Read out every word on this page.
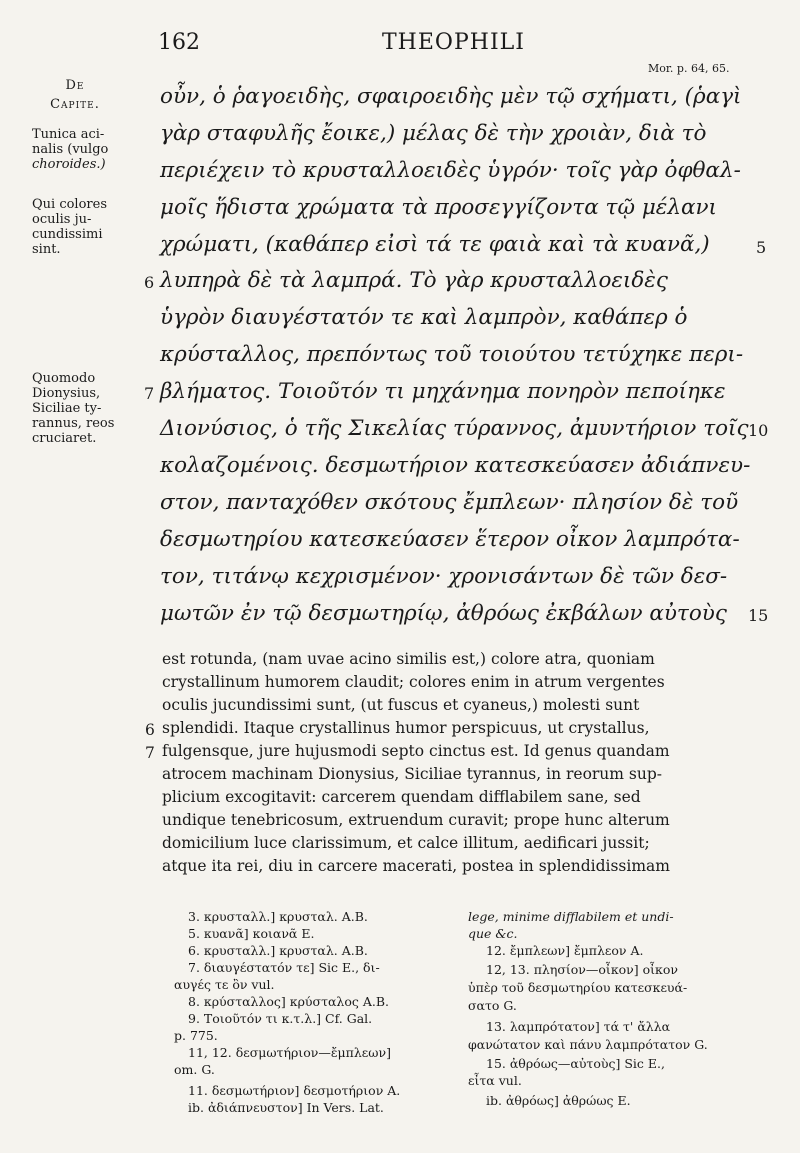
162	THEOPHILI
Mor. p. 64, 65.
De
Capite.
Tunica aci-
nalis (vulgo
choroides.)
Qui colores
oculis ju-
cundissimi
sint.
Quomodo
Dionysius,
Siciliae ty-
rannus, reos
cruciaret.
οὖν, ὁ ῥαγοειδὴς, σφαιροειδὴς μὲν τῷ σχήματι, (ῥαγὶ
γὰρ σταφυλῆς ἔοικε,) μέλας δὲ τὴν χροιὰν, διὰ τὸ
περιέχειν τὸ κρυσταλλοειδὲς ὑγρόν· τοῖς γὰρ ὀφθαλ-
μοῖς ἥδιστα χρώματα τὰ προσεγγίζοντα τῷ μέλανι
χρώματι, (καθάπερ εἰσὶ τά τε φαιὰ καὶ τὰ κυανᾶ,)
λυπηρὰ δὲ τὰ λαμπρά. Τὸ γὰρ κρυσταλλοειδὲς
ὑγρὸν διαυγέστατόν τε καὶ λαμπρὸν, καθάπερ ὁ
κρύσταλλος, πρεπόντως τοῦ τοιούτου τετύχηκε περι-
βλήματος. Τοιοῦτόν τι μηχάνημα πονηρὸν πεποίηκε
Διονύσιος, ὁ τῆς Σικελίας τύραννος, ἀμυντήριον τοῖς
κολαζομένοις. δεσμωτήριον κατεσκεύασεν ἀδιάπνευ-
στον, πανταχόθεν σκότους ἔμπλεων· πλησίον δὲ τοῦ
δεσμωτηρίου κατεσκεύασεν ἕτερον οἶκον λαμπρότα-
τον, τιτάνῳ κεχρισμένον· χρονισάντων δὲ τῶν δεσ-
μωτῶν ἐν τῷ δεσμωτηρίῳ, ἀθρόως ἐκβάλων αὐτοὺς
5
6
7
10
15
est rotunda, (nam uvae acino similis est,) colore atra, quoniam
crystallinum humorem claudit; colores enim in atrum vergentes
oculis jucundissimi sunt, (ut fuscus et cyaneus,) molesti sunt
splendidi. Itaque crystallinus humor perspicuus, ut crystallus,
fulgensque, jure hujusmodi septo cinctus est. Id genus quandam
atrocem machinam Dionysius, Siciliae tyrannus, in reorum sup-
plicium excogitavit: carcerem quendam difflabilem sane, sed
undique tenebricosum, extruendum curavit; prope hunc alterum
domicilium luce clarissimum, et calce illitum, aedificari jussit;
atque ita rei, diu in carcere macerati, postea in splendidissimam
6
7
3. κρυσταλλ.] κρυσταλ. A.B.
5. κυανᾶ] κοιανᾶ E.
6. κρυσταλλ.] κρυσταλ. A.B.
7. διαυγέστατόν τε] Sic E., δι-
αυγές τε ὂν vul.
8. κρύσταλλος] κρύσταλος A.B.
9. Τοιοῦτόν τι κ.τ.λ.] Cf. Gal.
p. 775.
11, 12. δεσμωτήριον—ἔμπλεων]
om. G.
11. δεσμωτήριον] δεσμοτήριον A.
ib. ἀδιάπνευστον] In Vers. Lat.
lege, minime difflabilem et undi-
que &c.
12. ἔμπλεων] ἔμπλεον A.
12, 13. πλησίον—οἶκον] οἶκον
ὑπὲρ τοῦ δεσμωτηρίου κατεσκευά-
σατο G.
13. λαμπρότατον] τά τ' ἄλλα
φανώτατον καὶ πάνυ λαμπρότατον G.
15. ἀθρόως—αὐτοὺς] Sic E.,
εἶτα vul.
ib. ἀθρόως] ἀθρώως E.
